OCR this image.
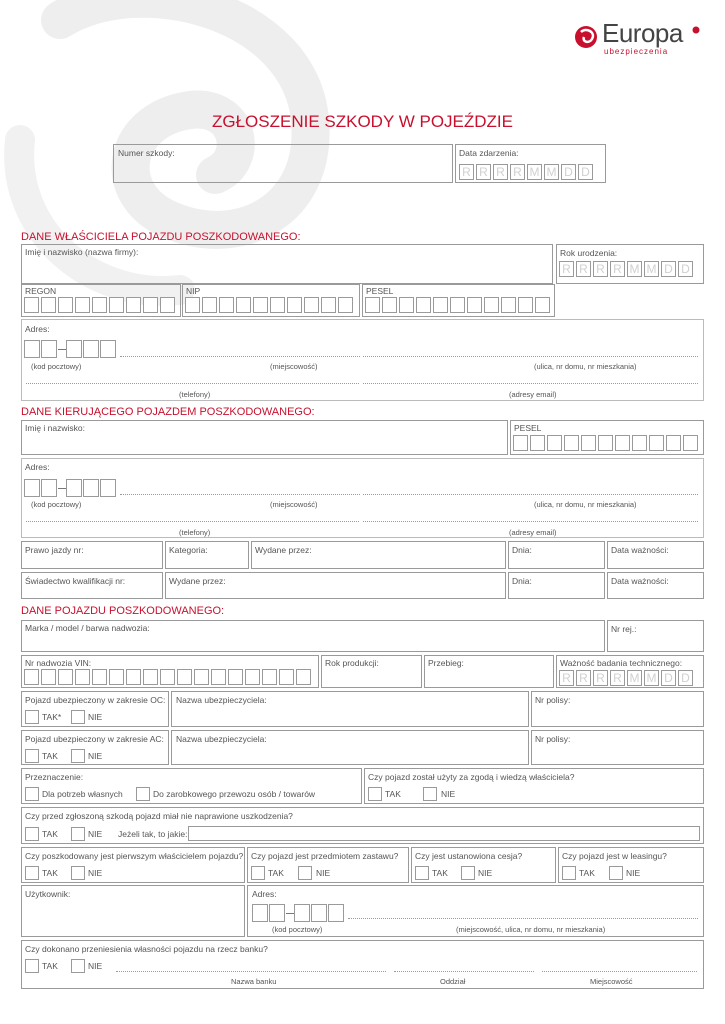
Europa
ubezpieczenia
ZGŁOSZENIE SZKODY W POJEŹDZIE
Numer szkody:	Data zdarzenia:
R R R R M M D D
DANE WŁAŚCICIELA POJAZDU POSZKODOWANEGO:
Imię i nazwisko (nazwa firmy):	Rok urodzenia:
R R R R M M D D
REGON	NIP	PESEL
Adres:
(kod pocztowy)	(miejscowość)	(ulica, nr domu, nr mieszkania)
(telefony)	(adresy email)
DANE KIERUJĄCEGO POJAZDEM POSZKODOWANEGO:
Imię i nazwisko:	PESEL
Adres:
(kod pocztowy)	(miejscowość)	(ulica, nr domu, nr mieszkania)
(telefony)	(adresy email)
Prawo jazdy nr:	Kategoria:	Wydane przez:	Dnia:	Data ważności:
Świadectwo kwalifikacji nr:	Wydane przez:	Dnia:	Data ważności:
DANE POJAZDU POSZKODOWANEGO:
Marka / model / barwa nadwozia:	Nr rej.:
Nr nadwozia VIN:	Rok produkcji:	Przebieg:	Ważność badania technicznego:
R R R R M M D D
Pojazd ubezpieczony w zakresie OC:
TAK*	NIE
Nazwa ubezpieczyciela:	Nr polisy:
Pojazd ubezpieczony w zakresie AC:
TAK	NIE
Nazwa ubezpieczyciela:	Nr polisy:
Przeznaczenie:
Dla potrzeb własnych	Do zarobkowego przewozu osób / towarów
Czy pojazd został użyty za zgodą i wiedzą właściciela?
TAK	NIE
Czy przed zgłoszoną szkodą pojazd miał nie naprawione uszkodzenia?
TAK	NIE Jeżeli tak, to jakie:
Czy poszkodowany jest pierwszym właścicielem pojazdu?
TAK	NIE
Czy pojazd jest przedmiotem zastawu?
TAK	NIE
Czy jest ustanowiona cesja?
TAK	NIE
Czy pojazd jest w leasingu?
TAK	NIE
Użytkownik:	Adres:
(kod pocztowy)	(miejscowość, ulica, nr domu, nr mieszkania)
Czy dokonano przeniesienia własności pojazdu na rzecz banku?
TAK	NIE
Nazwa banku	Oddział	Miejscowość
